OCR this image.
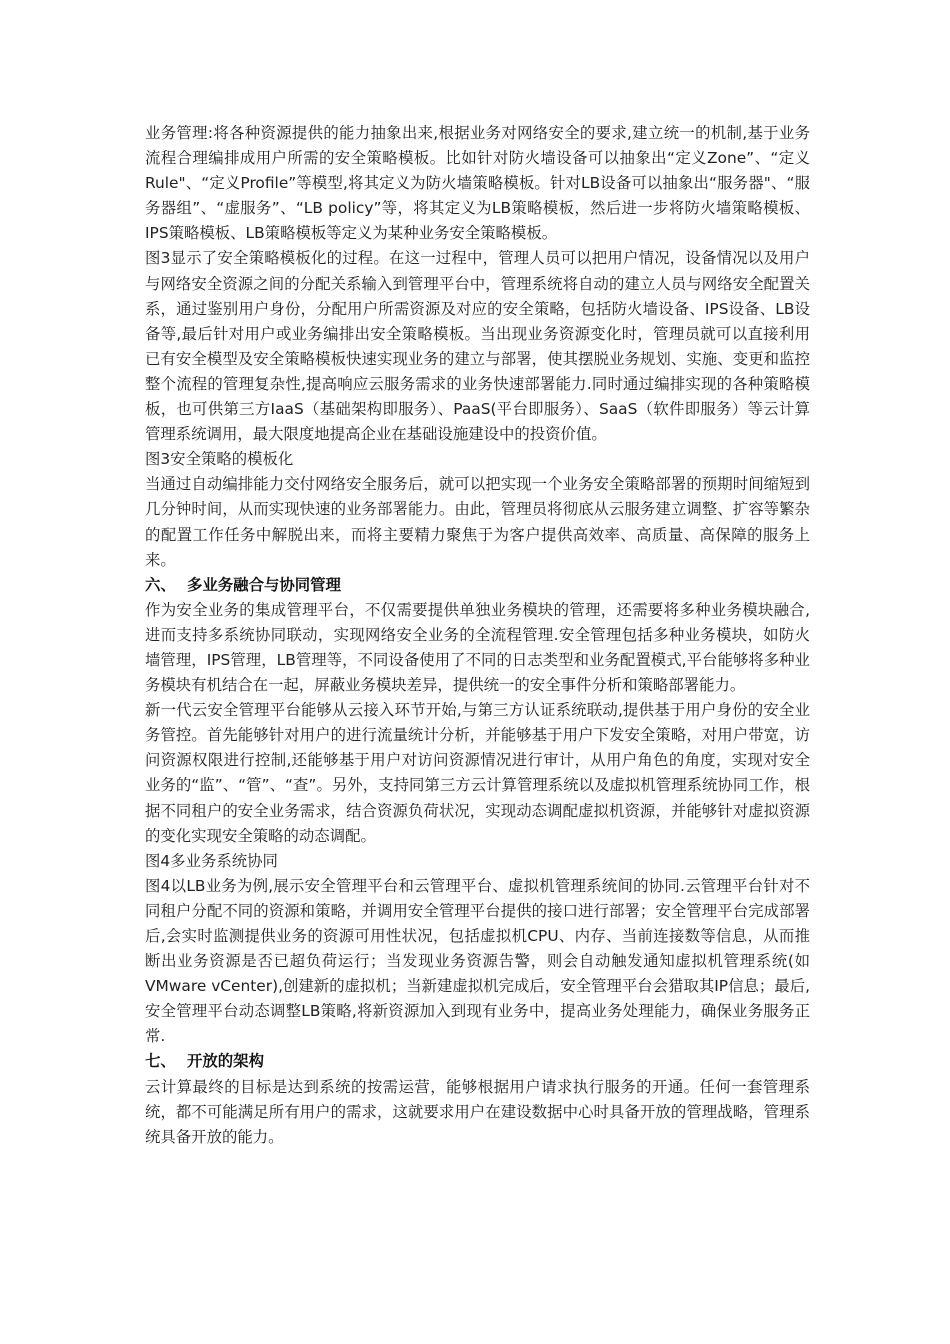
业务管理:将各种资源提供的能力抽象出来,根据业务对网络安全的要求,建立统一的机制,基于业务流程合理编排成用户所需的安全策略模板。比如针对防火墙设备可以抽象出“定义Zone”、“定义Rule"、“定义Profile”等模型,将其定义为防火墙策略模板。针对LB设备可以抽象出“服务器"、“服务器组”、“虚服务”、“LB policy”等，将其定义为LB策略模板，然后进一步将防火墙策略模板、IPS策略模板、LB策略模板等定义为某种业务安全策略模板。

图3显示了安全策略模板化的过程。在这一过程中，管理人员可以把用户情况，设备情况以及用户与网络安全资源之间的分配关系输入到管理平台中，管理系统将自动的建立人员与网络安全配置关系，通过鉴别用户身份，分配用户所需资源及对应的安全策略，包括防火墙设备、IPS设备、LB设备等,最后针对用户或业务编排出安全策略模板。当出现业务资源变化时，管理员就可以直接利用已有安全模型及安全策略模板快速实现业务的建立与部署，使其摆脱业务规划、实施、变更和监控整个流程的管理复杂性,提高响应云服务需求的业务快速部署能力.同时通过编排实现的各种策略模板，也可供第三方IaaS（基础架构即服务）、PaaS(平台即服务）、SaaS（软件即服务）等云计算管理系统调用，最大限度地提高企业在基础设施建设中的投资价值。

图3安全策略的模板化

当通过自动编排能力交付网络安全服务后，就可以把实现一个业务安全策略部署的预期时间缩短到几分钟时间，从而实现快速的业务部署能力。由此，管理员将彻底从云服务建立调整、扩容等繁杂的配置工作任务中解脱出来，而将主要精力聚焦于为客户提供高效率、高质量、高保障的服务上来。

六、 多业务融合与协同管理

作为安全业务的集成管理平台，不仅需要提供单独业务模块的管理，还需要将多种业务模块融合,进而支持多系统协同联动，实现网络安全业务的全流程管理.安全管理包括多种业务模块，如防火墙管理，IPS管理，LB管理等，不同设备使用了不同的日志类型和业务配置模式,平台能够将多种业务模块有机结合在一起，屏蔽业务模块差异，提供统一的安全事件分析和策略部署能力。

新一代云安全管理平台能够从云接入环节开始,与第三方认证系统联动,提供基于用户身份的安全业务管控。首先能够针对用户的进行流量统计分析，并能够基于用户下发安全策略，对用户带宽，访问资源权限进行控制,还能够基于用户对访问资源情况进行审计，从用户角色的角度，实现对安全业务的“监”、“管”、“查”。另外，支持同第三方云计算管理系统以及虚拟机管理系统协同工作，根据不同租户的安全业务需求，结合资源负荷状况，实现动态调配虚拟机资源，并能够针对虚拟资源的变化实现安全策略的动态调配。

图4多业务系统协同

图4以LB业务为例,展示安全管理平台和云管理平台、虚拟机管理系统间的协同.云管理平台针对不同租户分配不同的资源和策略，并调用安全管理平台提供的接口进行部署；安全管理平台完成部署后,会实时监测提供业务的资源可用性状况，包括虚拟机CPU、内存、当前连接数等信息，从而推断出业务资源是否已超负荷运行；当发现业务资源告警，则会自动触发通知虚拟机管理系统(如VMware vCenter),创建新的虚拟机；当新建虚拟机完成后，安全管理平台会猎取其IP信息；最后,安全管理平台动态调整LB策略,将新资源加入到现有业务中，提高业务处理能力，确保业务服务正常.

七、 开放的架构

云计算最终的目标是达到系统的按需运营，能够根据用户请求执行服务的开通。任何一套管理系统，都不可能满足所有用户的需求，这就要求用户在建设数据中心时具备开放的管理战略，管理系统具备开放的能力。
